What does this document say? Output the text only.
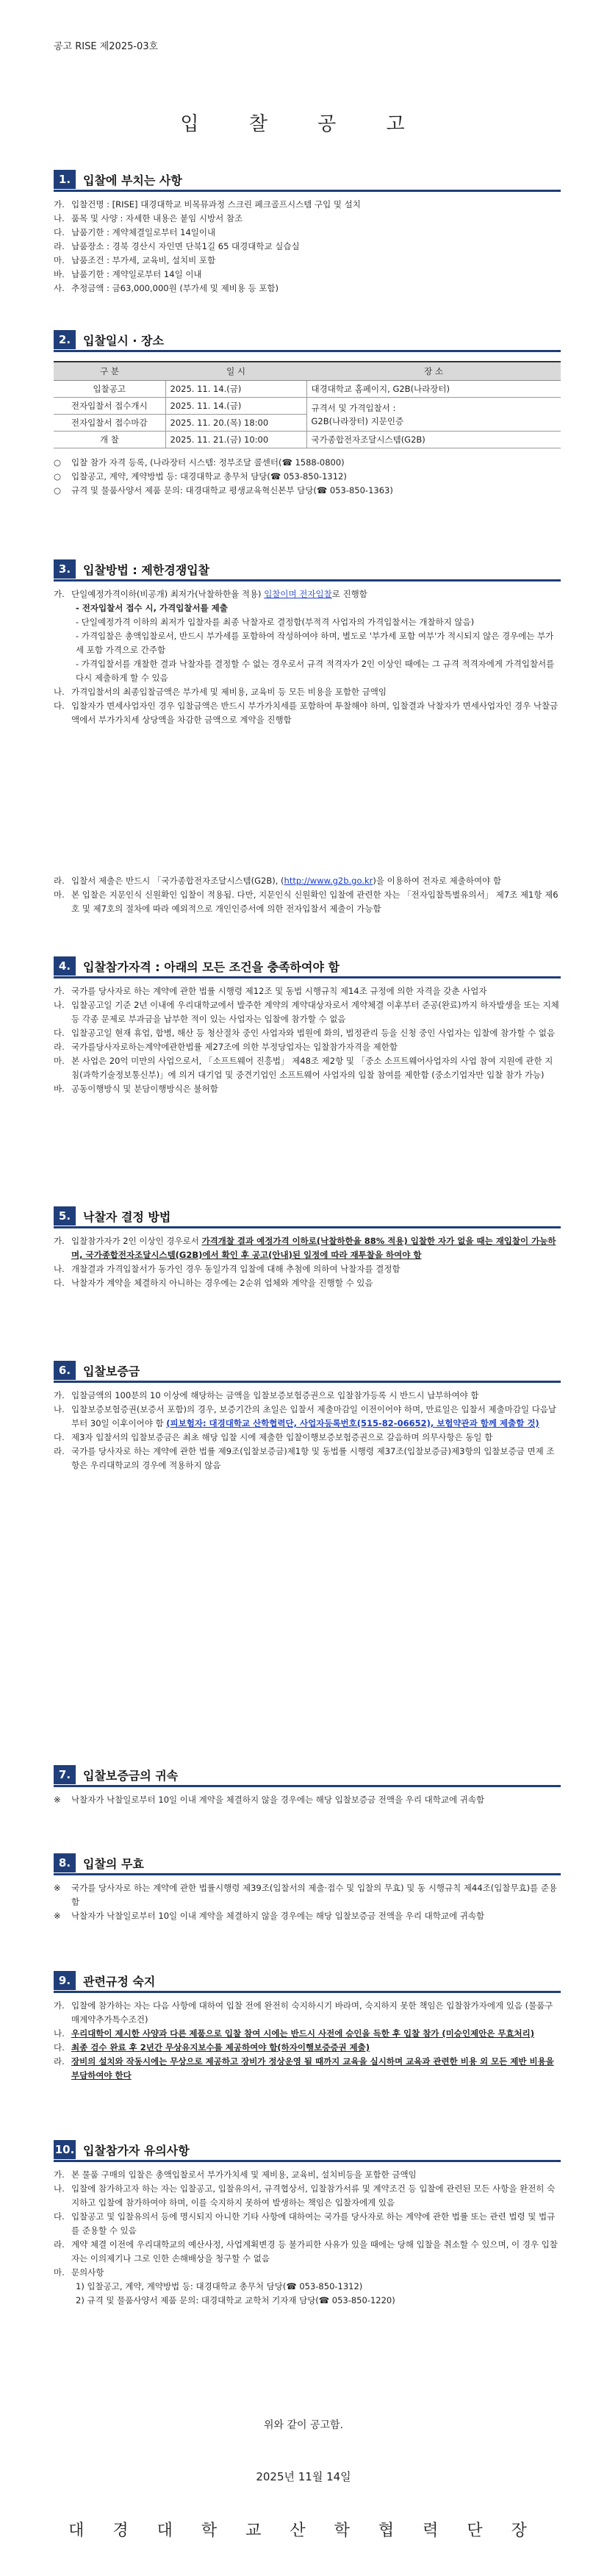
공고 RISE 제2025-03호
입 찰 공 고
1.	입찰에 부치는 사항
가. 입찰건명 : [RISE] 대경대학교 비목뮤과정 스크린 페크골프시스템 구입 및 설치
나. 품목 및 사양 : 자세한 내용은 붙임 시방서 참조
다. 납품기한 : 계약체결일로부터 14일이내
라. 납품장소 : 경북 경산시 자인면 단북1길 65 대경대학교 실습실
마. 납품조건 : 부가세, 교육비, 설치비 포함
바. 납품기한 : 계약일로부터 14일 이내
사. 추정금액 : 금63,000,000원 (부가세 및 제비용 등 포함)
2.	입찰일시 · 장소
구 분	일 시	장 소
입찰공고	2025. 11. 14.(금)	대경대학교 홈페이지, G2B(나라장터)
전자입찰서 접수개시	2025. 11. 14.(금)	규격서 및 가격입찰서 :
G2B(나라장터) 지문인증

전자입찰서 접수마감	2025. 11. 20.(목) 18:00	
개 찰	2025. 11. 21.(금) 10:00	국가종합전자조달시스템(G2B)
○	입찰 참가 자격 등록, (나라장터 시스템: 정부조달 콜센터(☎ 1588-0800)
○	입찰공고, 계약, 계약방법 등: 대경대학교 총무처 담당(☎ 053-850-1312)
○	규격 및 물품사양서 제품 문의: 대경대학교 평생교육혁신본부 담당(☎ 053-850-1363)
3.	입찰방법 : 제한경쟁입찰
가. 단일예정가격이하(비공개) 최저가(낙찰하한율 적용) 입찰이며 전자입찰로 진행함
- 전자입찰서 접수 시, 가격입찰서를 제출
- 단일예정가격 이하의 최저가 입찰자를 최종 낙찰자로 결정함(부적격 사업자의 가격입찰서는 개찰하지 않음)
- 가격입찰은 총액입찰로서, 반드시 부가세를 포함하여 작성하여야 하며, 별도로 '부가세 포함 여부'가 적시되지 않은 경우에는 부가세 포함 가격으로 간주함
- 가격입찰서를 개찰한 결과 낙찰자를 결정할 수 없는 경우로서 규격 적격자가 2인 이상인 때에는 그 규격 적격자에게 가격입찰서를 다시 제출하게 할 수 있음
나. 가격입찰서의 최종입찰금액은 부가세 및 제비용, 교육비 등 모든 비용을 포함한 금액임
다. 입찰자가 면세사업자인 경우 입찰금액은 반드시 부가가치세를 포함하여 투찰해야 하며, 입찰결과 낙찰자가 면세사업자인 경우 낙찰금액에서 부가가치세 상당액을 차감한 금액으로 계약을 진행함
라. 입찰서 제출은 반드시 「국가종합전자조달시스템(G2B), (http://www.g2b.go.kr)을 이용하여 전자로 제출하여야 함
마. 본 입찰은 지문인식 신원확인 입찰이 적용됨. 다만, 지문인식 신원확인 입찰에 관련한 자는 「전자입찰특별유의서」 제7조 제1항 제6호 및 제7호의 절차에 따라 예외적으로 개인인증서에 의한 전자입찰서 제출이 가능함
4.	입찰참가자격 : 아래의 모든 조건을 충족하여야 함
가. 국가를 당사자로 하는 계약에 관한 법률 시행령 제12조 및 동법 시행규칙 제14조 규정에 의한 자격을 갖춘 사업자
나. 입찰공고일 기준 2년 이내에 우리대학교에서 발주한 계약의 계약대상자로서 계약체결 이후부터 준공(완료)까지 하자발생을 또는 지체 등 각종 문제로 부과금을 납부한 적이 있는 사업자는 입찰에 참가할 수 없음
다. 입찰공고일 현재 휴업, 합병, 해산 등 청산절차 중인 사업자와 법원에 화의, 법정관리 등을 신청 중인 사업자는 입찰에 참가할 수 없음
라. 국가를당사자로하는계약에관한법률 제27조에 의한 부정당업자는 입찰참가자격을 제한함
마. 본 사업은 20억 미만의 사업으로서, 「소프트웨어 진흥법」 제48조 제2항 및 「중소 소프트웨어사업자의 사업 참여 지원에 관한 지침(과학기술정보통신부)」에 의거 대기업 및 중견기업인 소프트웨어 사업자의 입찰 참여를 제한함 (중소기업자만 입찰 참가 가능)
바. 공동이행방식 및 분담이행방식은 불허함
5.	낙찰자 결정 방법
가. 입찰참가자가 2인 이상인 경우로서 가격개찰 결과 예정가격 이하로(낙찰하한율 88% 적용) 입찰한 자가 없을 때는 재입찰이 가능하며, 국가종합전자조달시스템(G2B)에서 확인 후 공고(안내)된 일정에 따라 재투찰을 하여야 함
나. 개찰결과 가격입찰서가 동가인 경우 동일가격 입찰에 대해 추첨에 의하여 낙찰자를 결정함
다. 낙찰자가 계약을 체결하지 아니하는 경우에는 2순위 업체와 계약을 진행할 수 있음
6.	입찰보증금
가. 입찰금액의 100분의 10 이상에 해당하는 금액을 입찰보증보험증권으로 입찰참가등록 시 반드시 납부하여야 함
나. 입찰보증보험증권(보증서 포함)의 경우, 보증기간의 초일은 입찰서 제출마감일 이전이어야 하며, 만료일은 입찰서 제출마감일 다음날부터 30일 이후이어야 함 (피보험자: 대경대학교 산학협력단, 사업자등록번호(515-82-06652), 보험약관과 함께 제출할 것)
다. 제3자 입찰서의 입찰보증금은 최초 해당 입찰 시에 제출한 입찰이행보증보험증권으로 갈음하며 의무사항은 동일 함
라. 국가를 당사자로 하는 계약에 관한 법률 제9조(입찰보증금)제1항 및 동법률 시행령 제37조(입찰보증금)제3항의 입찰보증금 면제 조항은 우리대학교의 경우에 적용하지 않음
7.	입찰보증금의 귀속
※	낙찰자가 낙찰일로부터 10일 이내 계약을 체결하지 않을 경우에는 해당 입찰보증금 전액을 우리 대학교에 귀속함
8.	입찰의 무효
※	국가를 당사자로 하는 계약에 관한 법률시행령 제39조(입찰서의 제출·접수 및 입찰의 무효) 및 동 시행규칙 제44조(입찰무효)를 준용함
※	낙찰자가 낙찰일로부터 10일 이내 계약을 체결하지 않을 경우에는 해당 입찰보증금 전액을 우리 대학교에 귀속함
9.	관련규정 숙지
가. 입찰에 참가하는 자는 다음 사항에 대하여 입찰 전에 완전히 숙지하시기 바라며, 숙지하지 못한 책임은 입찰참가자에게 있음 (물품구매계약추가특수조건)
나. 우리대학이 제시한 사양과 다른 제품으로 입찰 참여 시에는 반드시 사전에 승인을 득한 후 입찰 참가 (미승인제안은 무효처리)
다. 최종 검수 완료 후 2년간 무상유지보수를 제공하여야 함(하자이행보증증권 제출)
라. 장비의 설치와 작동시에는 무상으로 제공하고 장비가 정상운영 될 때까지 교육을 실시하며 교육과 관련한 비용 외 모든 제반 비용을 부담하여야 한다
10. 입찰참가자 유의사항
가. 본 물품 구매의 입찰은 총액입찰로서 부가가치세 및 제비용, 교육비, 설치비등을 포함한 금액임
나. 입찰에 참가하고자 하는 자는 입찰공고, 입찰유의서, 규격협상서, 입찰참가서류 및 계약조건 등 입찰에 관련된 모든 사항을 완전히 숙지하고 입찰에 참가하여야 하며, 이를 숙지하지 못하여 발생하는 책임은 입찰자에게 있음
다. 입찰공고 및 입찰유의서 등에 명시되지 아니한 기타 사항에 대하여는 국가를 당사자로 하는 계약에 관한 법률 또는 관련 법령 및 법규를 준용할 수 있음
라. 계약 체결 이전에 우리대학교의 예산사정, 사업계획변경 등 불가피한 사유가 있을 때에는 당해 입찰을 취소할 수 있으며, 이 경우 입찰자는 이의제기나 그로 인한 손해배상을 청구할 수 없음
마. 문의사항
1) 입찰공고, 계약, 계약방법 등: 대경대학교 총무처 담당(☎ 053-850-1312)
2) 규격 및 물품사양서 제품 문의: 대경대학교 교학처 기자재 담당(☎ 053-850-1220)
위와 같이 공고함.
2025년 11월 14일
대 경 대 학 교 산 학 협 력 단 장
